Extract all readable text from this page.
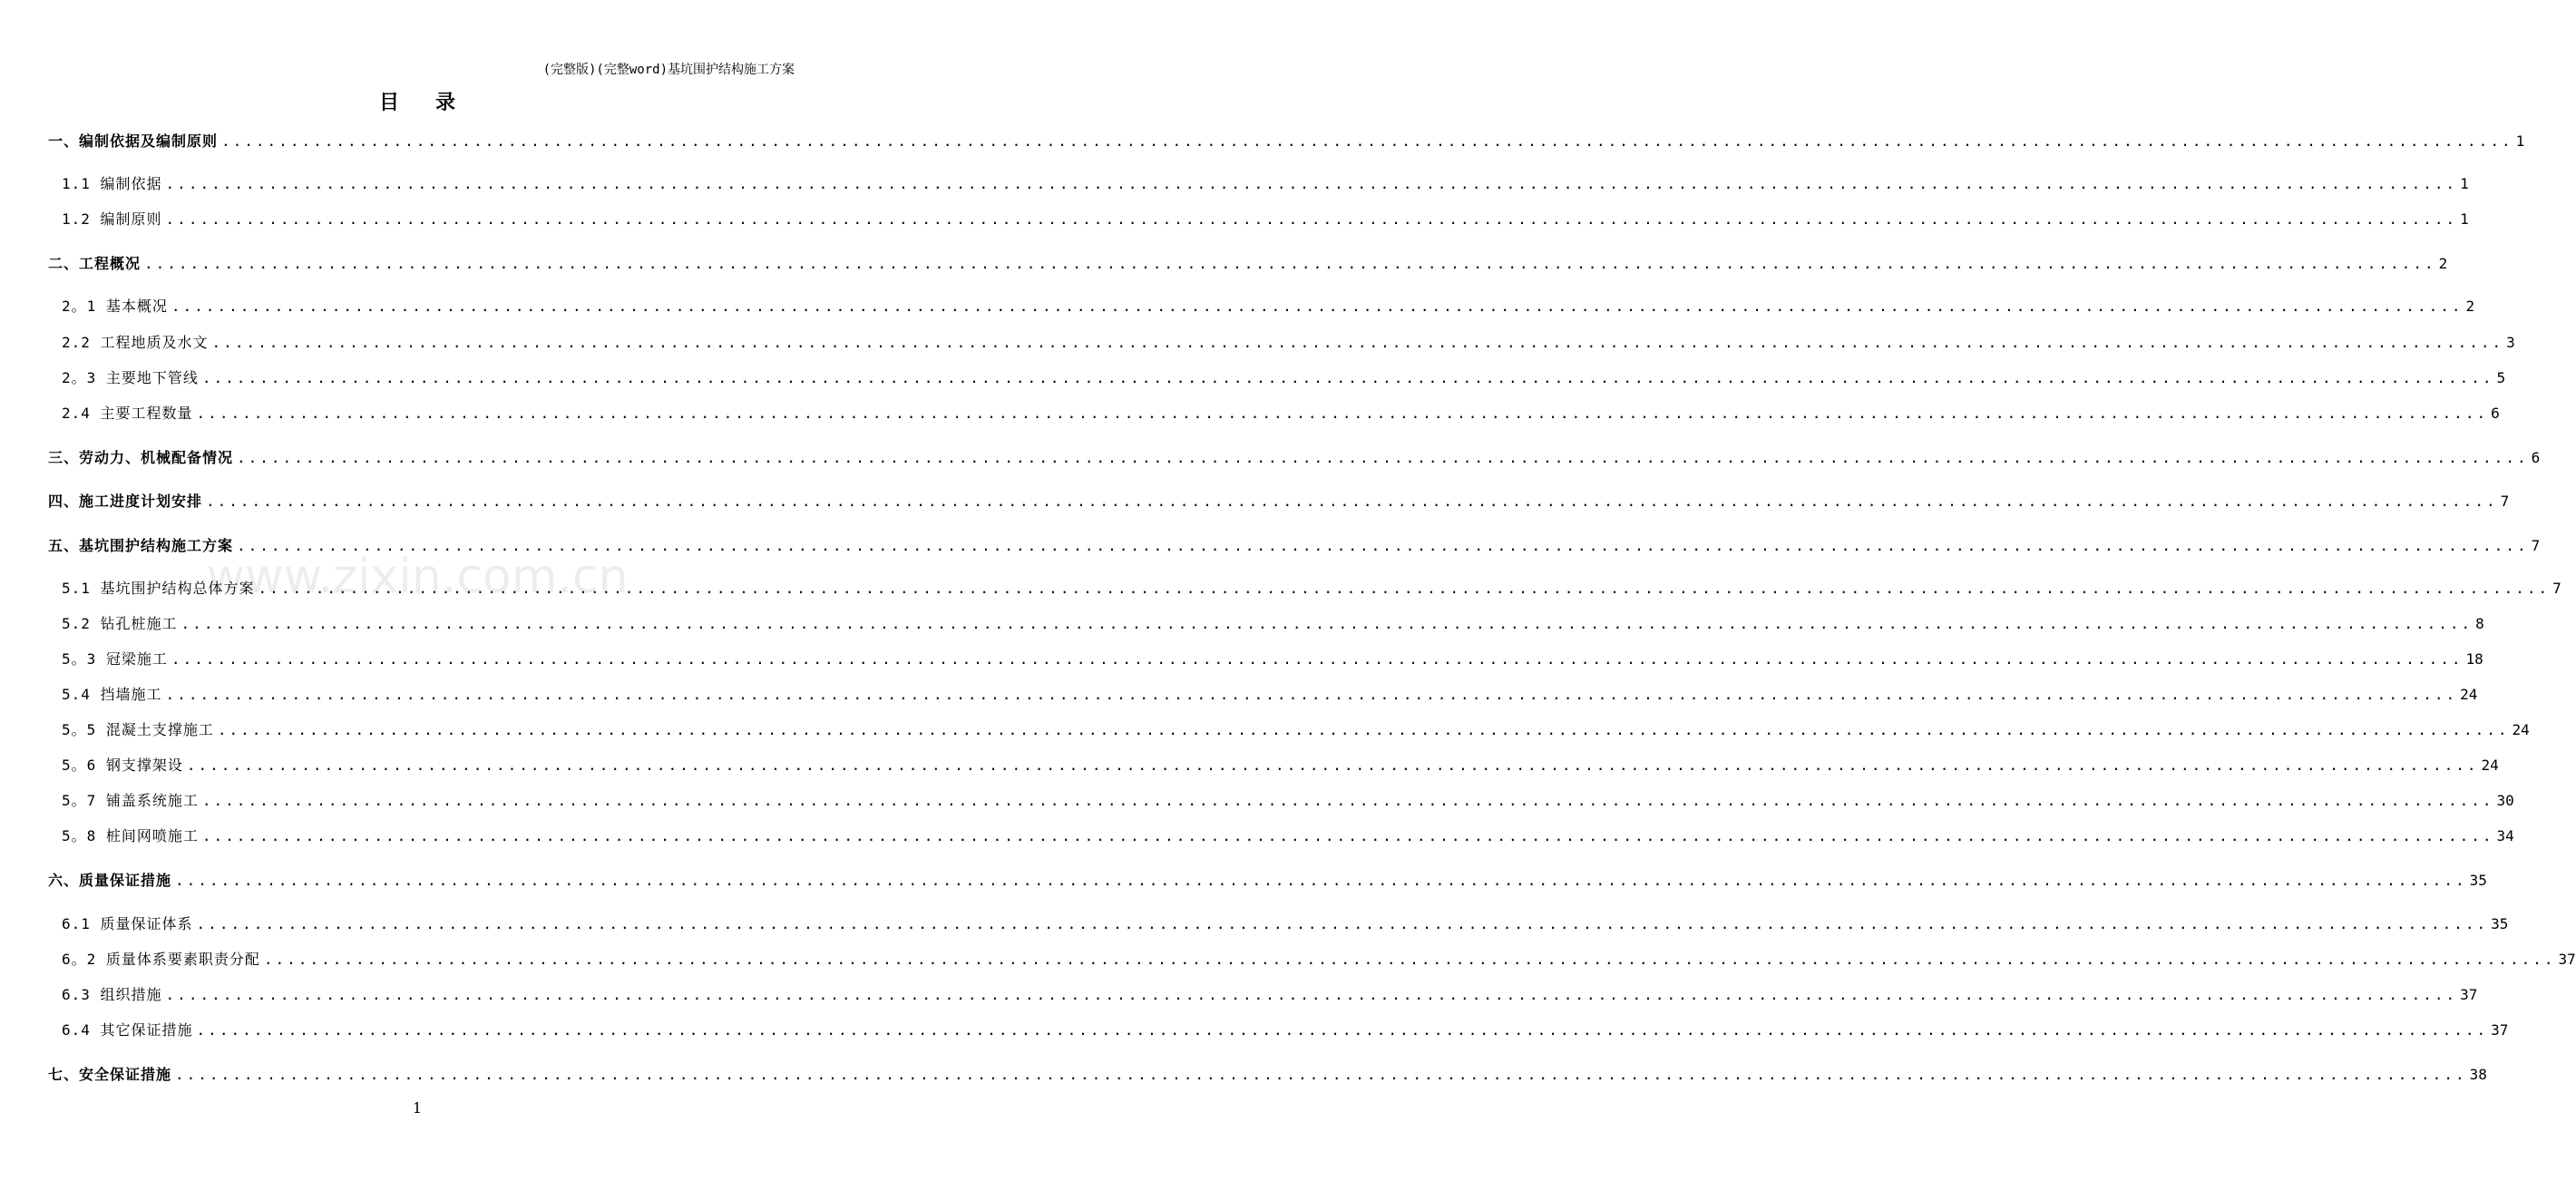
(完整版)(完整word)基坑围护结构施工方案
目录
www.zixin.com.cn
一、编制依据及编制原则 ........................................................................................................................................................................................................ 1
1.1 编制依据 ........................................................................................................................................................................................................ 1
1.2 编制原则 ........................................................................................................................................................................................................ 1
二、工程概况 ........................................................................................................................................................................................................ 2
2。1 基本概况 ........................................................................................................................................................................................................ 2
2.2 工程地质及水文 ........................................................................................................................................................................................................ 3
2。3 主要地下管线 ........................................................................................................................................................................................................ 5
2.4 主要工程数量 ........................................................................................................................................................................................................ 6
三、劳动力、机械配备情况 ........................................................................................................................................................................................................ 6
四、施工进度计划安排 ........................................................................................................................................................................................................ 7
五、基坑围护结构施工方案 ........................................................................................................................................................................................................ 7
5.1 基坑围护结构总体方案 ........................................................................................................................................................................................................ 7
5.2 钻孔桩施工 ........................................................................................................................................................................................................ 8
5。3 冠梁施工 ........................................................................................................................................................................................................ 18
5.4 挡墙施工 ........................................................................................................................................................................................................ 24
5。5 混凝土支撑施工 ........................................................................................................................................................................................................ 24
5。6 钢支撑架设 ........................................................................................................................................................................................................ 24
5。7 铺盖系统施工 ........................................................................................................................................................................................................ 30
5。8 桩间网喷施工 ........................................................................................................................................................................................................ 34
六、质量保证措施 ........................................................................................................................................................................................................ 35
6.1 质量保证体系 ........................................................................................................................................................................................................ 35
6。2 质量体系要素职责分配 ........................................................................................................................................................................................................ 37
6.3 组织措施 ........................................................................................................................................................................................................ 37
6.4 其它保证措施 ........................................................................................................................................................................................................ 37
七、安全保证措施 ........................................................................................................................................................................................................ 38
1
